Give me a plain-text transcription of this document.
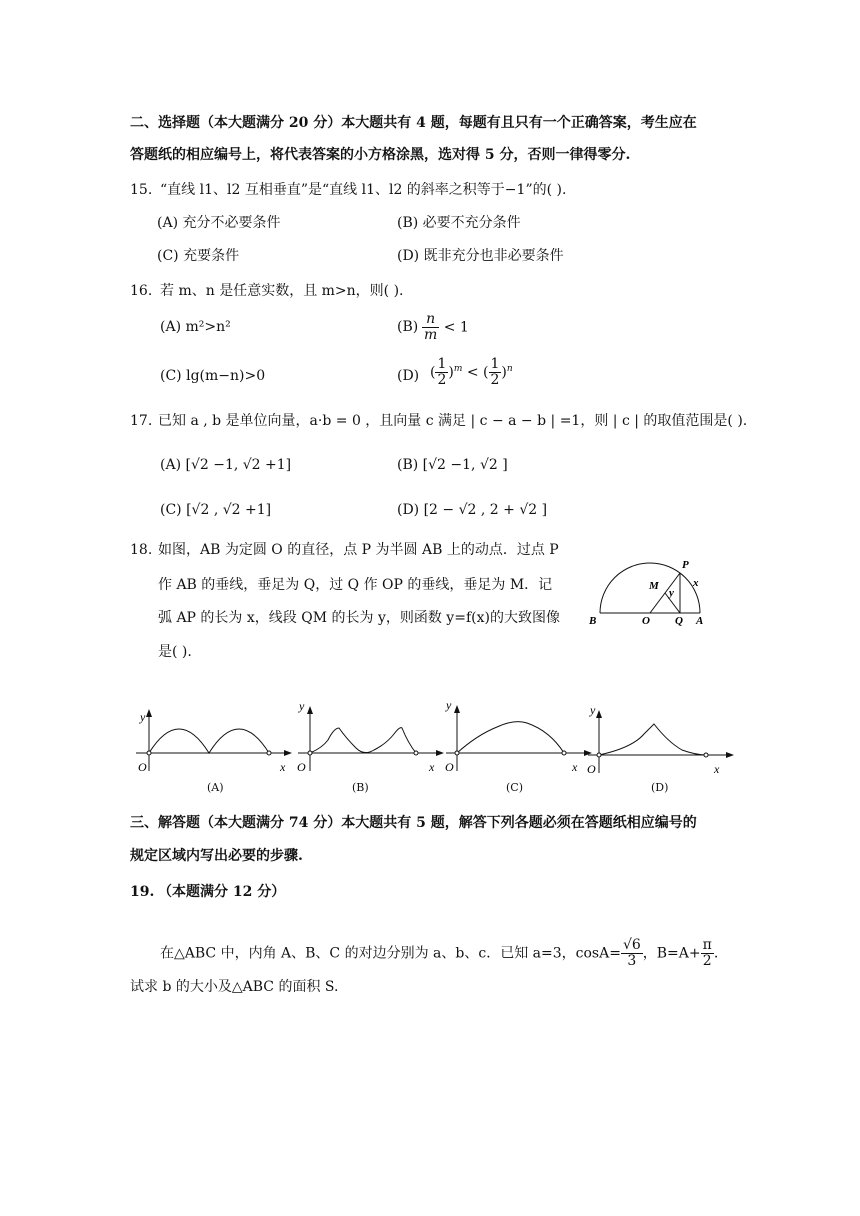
二、选择题（本大题满分 20 分）本大题共有 4 题，每题有且只有一个正确答案，考生应在
答题纸的相应编号上，将代表答案的小方格涂黑，选对得 5 分，否则一律得零分.
15. “直线 l1、l2 互相垂直”是“直线 l1、l2 的斜率之积等于−1”的( ).
(A) 充分不必要条件	(B) 必要不充分条件
(C) 充要条件	(D) 既非充分也非必要条件
16. 若 m、n 是任意实数，且 m>n，则( ).
(A) m²>n²	$(B) \frac{n}{m} < 1$
(C) lg(m−n)>0	(D) ( $\frac{1}{2} )^m$ < ( $\frac{1}{2} )^n$
17. 已知 a , b 是单位向量，a·b = 0 ，且向量 c 满足 | c − a − b | =1，则 | c | 的取值范围是( ).
(A) [√2 −1, √2 +1]	(B) [√2 −1, √2 ]
(C) [√2 , √2 +1]	(D) [2 − √2 , 2 + √2 ]
18. 如图，AB 为定圆 O 的直径，点 P 为半圆 AB 上的动点．过点 P
作 AB 的垂线，垂足为 Q，过 Q 作 OP 的垂线，垂足为 M．记
弧 AP 的长为 x，线段 QM 的长为 y，则函数 y=f(x)的大致图像
是( ).
P
M	x
y
B	O Q A
y
O	x
(A)
y
O	x
(B)
y
O	x
(C)
y
O	x
(D)
三、解答题（本大题满分 74 分）本大题共有 5 题，解答下列各题必须在答题纸相应编号的
规定区域内写出必要的步骤.
19. （本题满分 12 分）
在△ABC 中，内角 A、B、C 的对边分别为 a、b、c．已知 a=3，$\cos A= \frac{√6}{3}$ ，$B=A+ \frac{\pi}{2}$ .
试求 b 的大小及△ABC 的面积 S.
